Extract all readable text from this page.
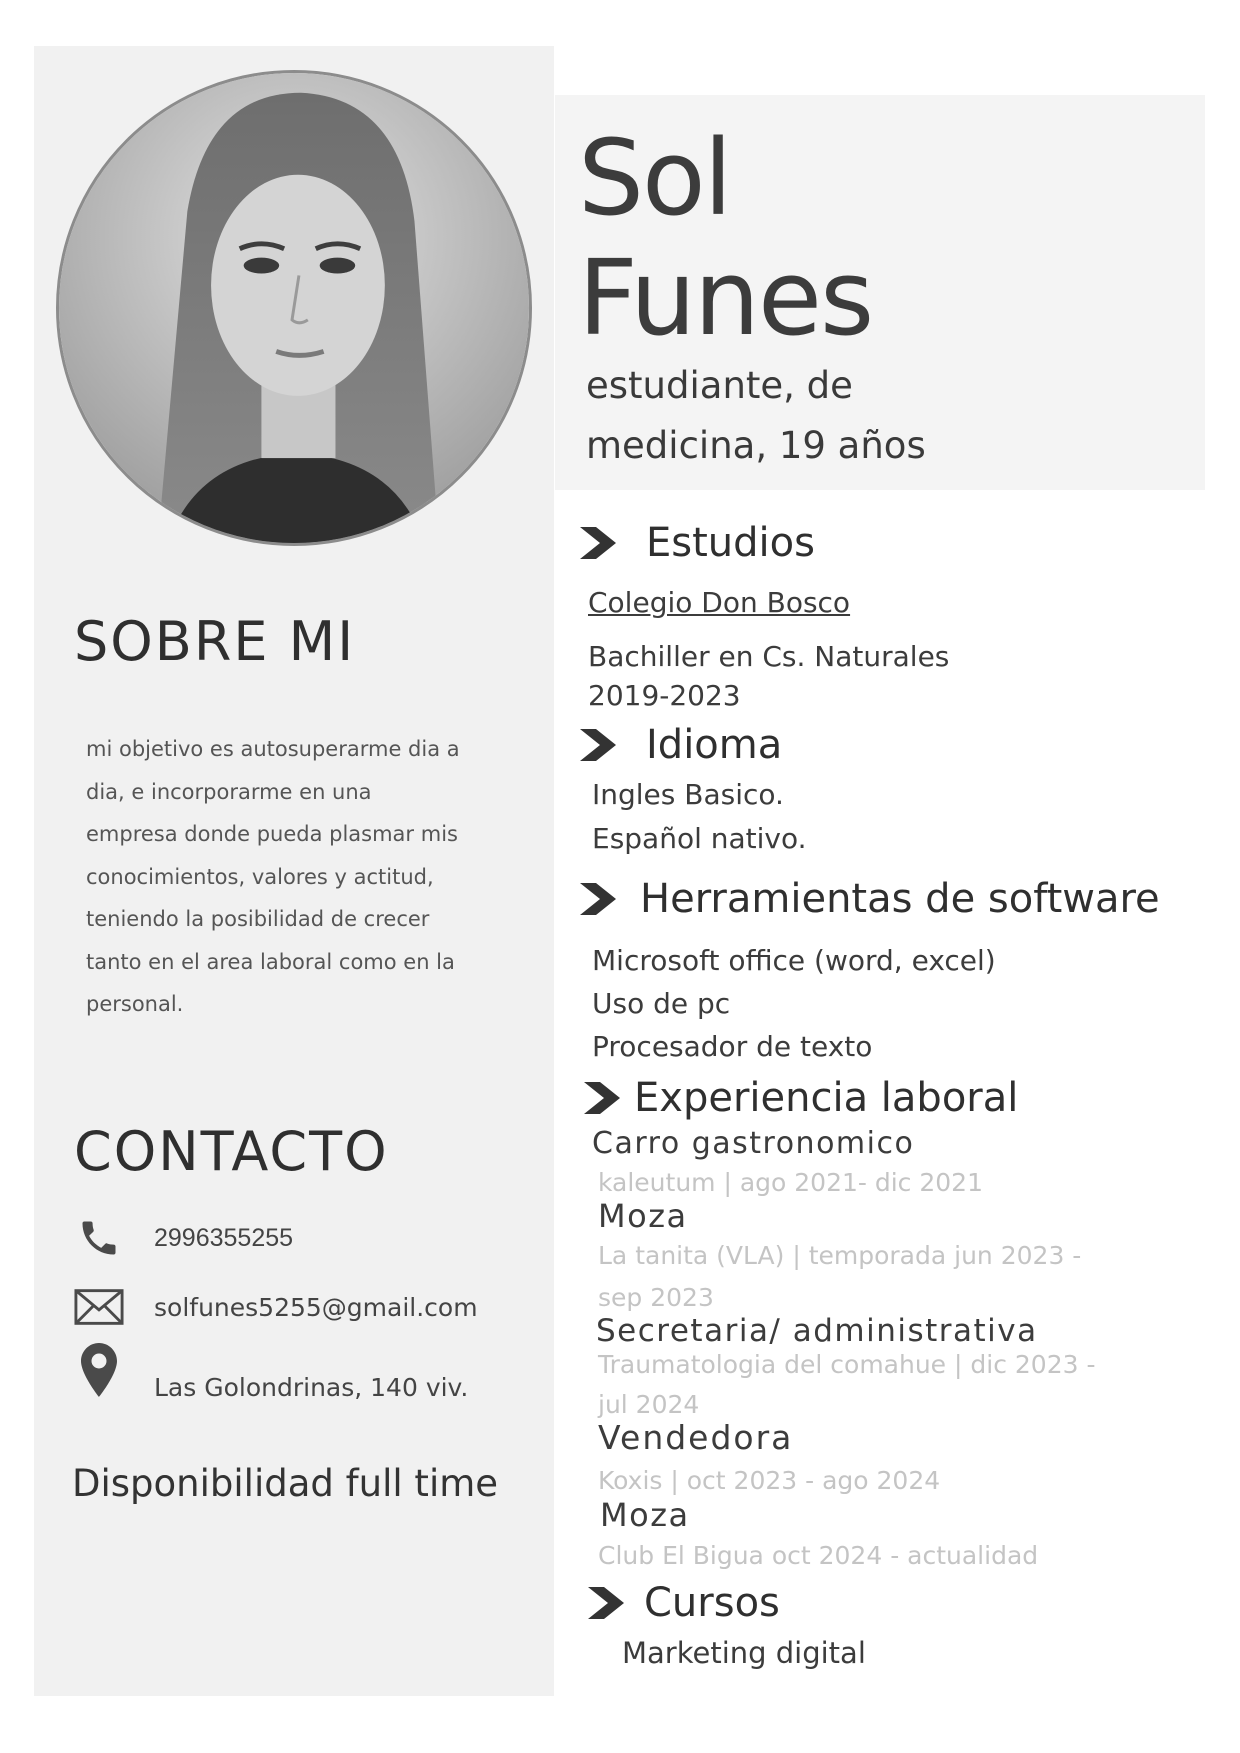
Sol
Funes
estudiante, de
medicina, 19 años
SOBRE MI
mi objetivo es autosuperarme dia a
dia, e incorporarme en una
empresa donde pueda plasmar mis
conocimientos, valores y actitud,
teniendo la posibilidad de crecer
tanto en el area laboral como en la
personal.
CONTACTO
2996355255
solfunes5255@gmail.com
Las Golondrinas, 140 viv.
Disponibilidad full time
Estudios
Colegio Don Bosco
Bachiller en Cs. Naturales
2019-2023
Idioma
Ingles Basico.
Español nativo.
Herramientas de software
Microsoft office (word, excel)
Uso de pc
Procesador de texto
Experiencia laboral
Carro gastronomico
kaleutum | ago 2021- dic 2021
Moza
La tanita (VLA) | temporada jun 2023 -
sep 2023
Secretaria/ administrativa
Traumatologia del comahue | dic 2023 -
jul 2024
Vendedora
Koxis | oct 2023 - ago 2024
Moza
Club El Bigua oct 2024 - actualidad
Cursos
Marketing digital
